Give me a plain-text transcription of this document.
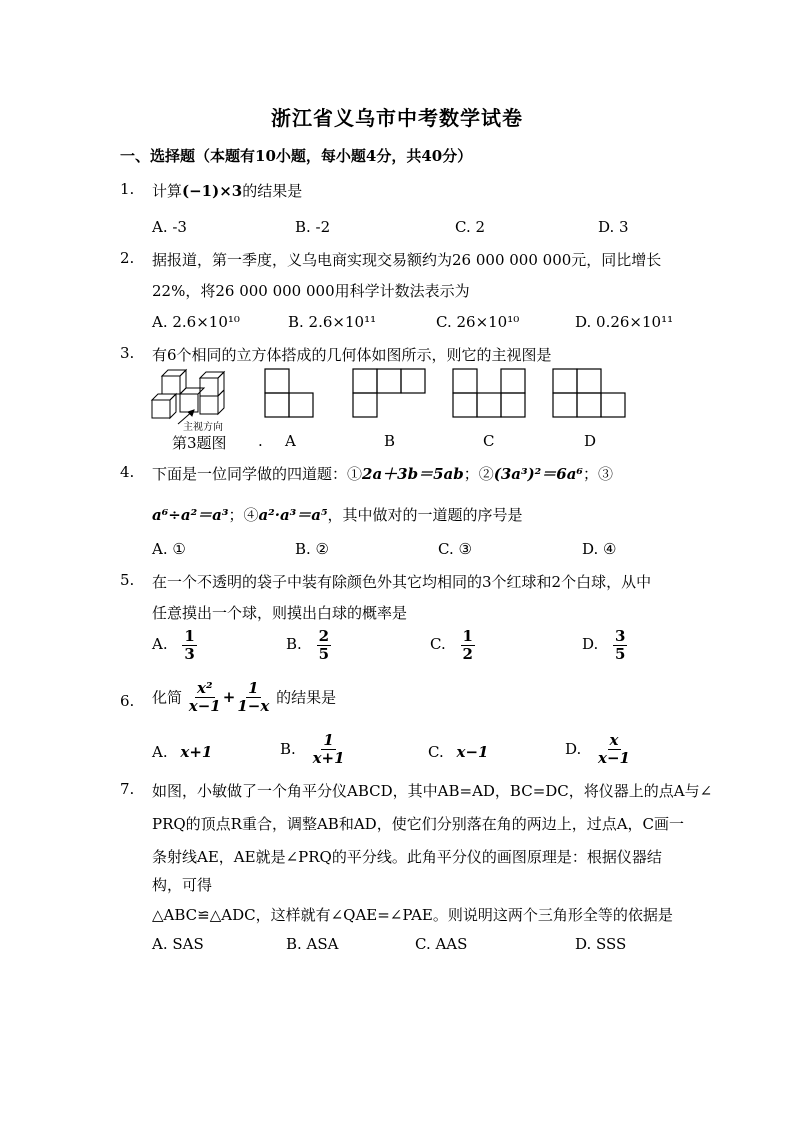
浙江省义乌市中考数学试卷
一、选择题（本题有10小题，每小题4分，共40分）
1. 计算(−1)×3的结果是
A. -3	B. -2	C. 2	D. 3
2. 据报道，第一季度，义乌电商实现交易额约为26 000 000 000元，同比增长
22%，将26 000 000 000用科学计数法表示为
A. 2.6×10¹⁰	B. 2.6×10¹¹	C. 26×10¹⁰	D. 0.26×10¹¹
3. 有6个相同的立方体搭成的几何体如图所示，则它的主视图是
主视方向
第3题图 . A	B	C	D
4. 下面是一位同学做的四道题：①2a＋3b＝5ab；②(3a³)²＝6a⁶；③
a⁶÷a²＝a³；④a²·a³＝a⁵，其中做对的一道题的序号是
A. ①	B. ②	C. ③	D. ④
5. 在一个不透明的袋子中装有除颜色外其它均相同的3个红球和2个白球，从中
任意摸出一个球，则摸出白球的概率是
A. $\frac{1}{3}$	B. $\frac{2}{5}$	C. $\frac{1}{2}$	D. $\frac{3}{5}$
6. 化简 $\frac{\text{x²}}{x-1} + \frac{1}{1-x}$ 的结果是
A. x+1	B. $\frac{1}{x+1}$	C. x−1	D. $\frac{x}{x-1}$
7. 如图，小敏做了一个角平分仪ABCD，其中AB=AD，BC=DC，将仪器上的点A与∠
PRQ的顶点R重合，调整AB和AD，使它们分别落在角的两边上，过点A，C画一
条射线AE，AE就是∠PRQ的平分线。此角平分仪的画图原理是：根据仪器结
构，可得
△ABC≌△ADC，这样就有∠QAE=∠PAE。则说明这两个三角形全等的依据是
A. SAS	B. ASA	C. AAS	D. SSS
